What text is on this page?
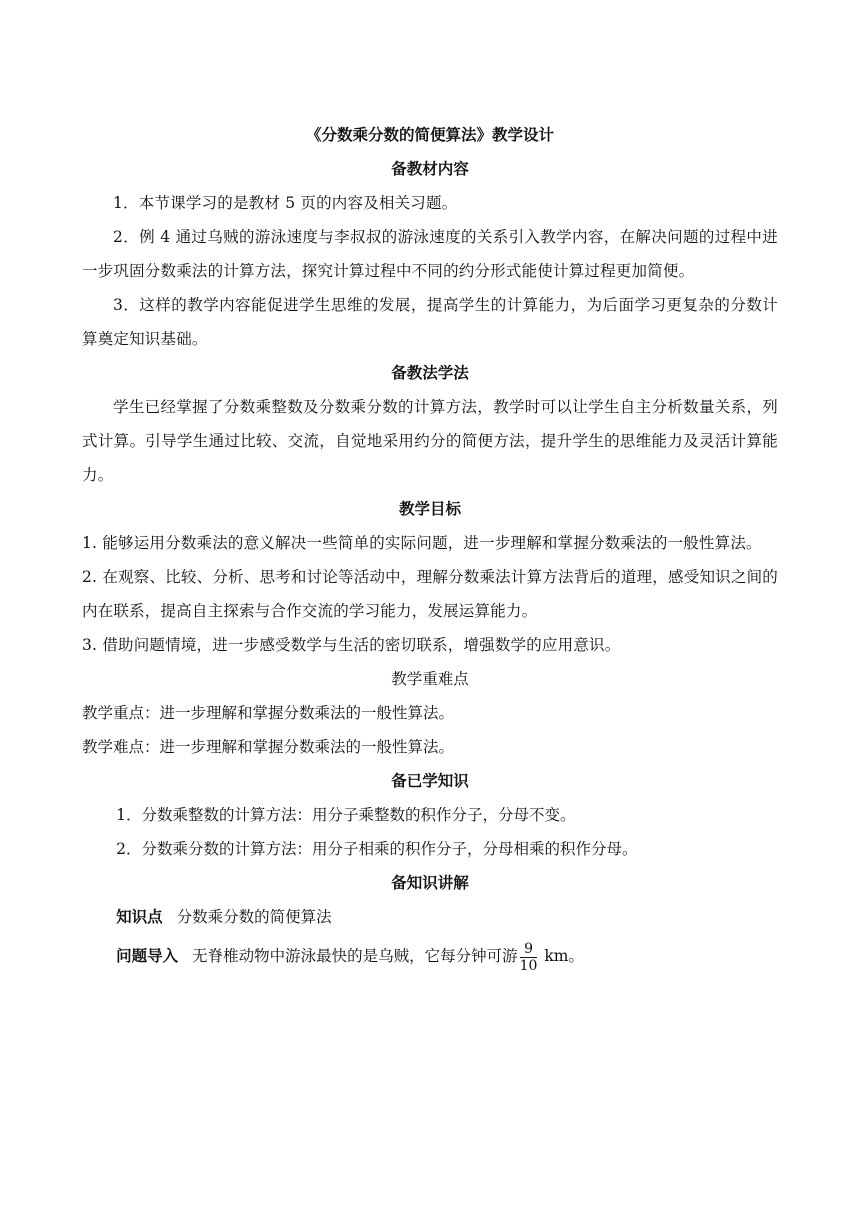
《分数乘分数的简便算法》教学设计
备教材内容
1．本节课学习的是教材 5 页的内容及相关习题。
2．例 4 通过乌贼的游泳速度与李叔叔的游泳速度的关系引入教学内容，在解决问题的过程中进一步巩固分数乘法的计算方法，探究计算过程中不同的约分形式能使计算过程更加简便。
3．这样的教学内容能促进学生思维的发展，提高学生的计算能力，为后面学习更复杂的分数计算奠定知识基础。
备教法学法
学生已经掌握了分数乘整数及分数乘分数的计算方法，教学时可以让学生自主分析数量关系，列式计算。引导学生通过比较、交流，自觉地采用约分的简便方法，提升学生的思维能力及灵活计算能力。
教学目标
1. 能够运用分数乘法的意义解决一些简单的实际问题，进一步理解和掌握分数乘法的一般性算法。
2. 在观察、比较、分析、思考和讨论等活动中，理解分数乘法计算方法背后的道理，感受知识之间的内在联系，提高自主探索与合作交流的学习能力，发展运算能力。
3. 借助问题情境，进一步感受数学与生活的密切联系，增强数学的应用意识。
教学重难点
教学重点：进一步理解和掌握分数乘法的一般性算法。
教学难点：进一步理解和掌握分数乘法的一般性算法。
备已学知识
1．分数乘整数的计算方法：用分子乘整数的积作分子，分母不变。
2．分数乘分数的计算方法：用分子相乘的积作分子，分母相乘的积作分母。
备知识讲解
知识点 分数乘分数的简便算法
问题导入 无脊椎动物中游泳最快的是乌贼，它每分钟可游 $\frac{9}{10}$ km。
